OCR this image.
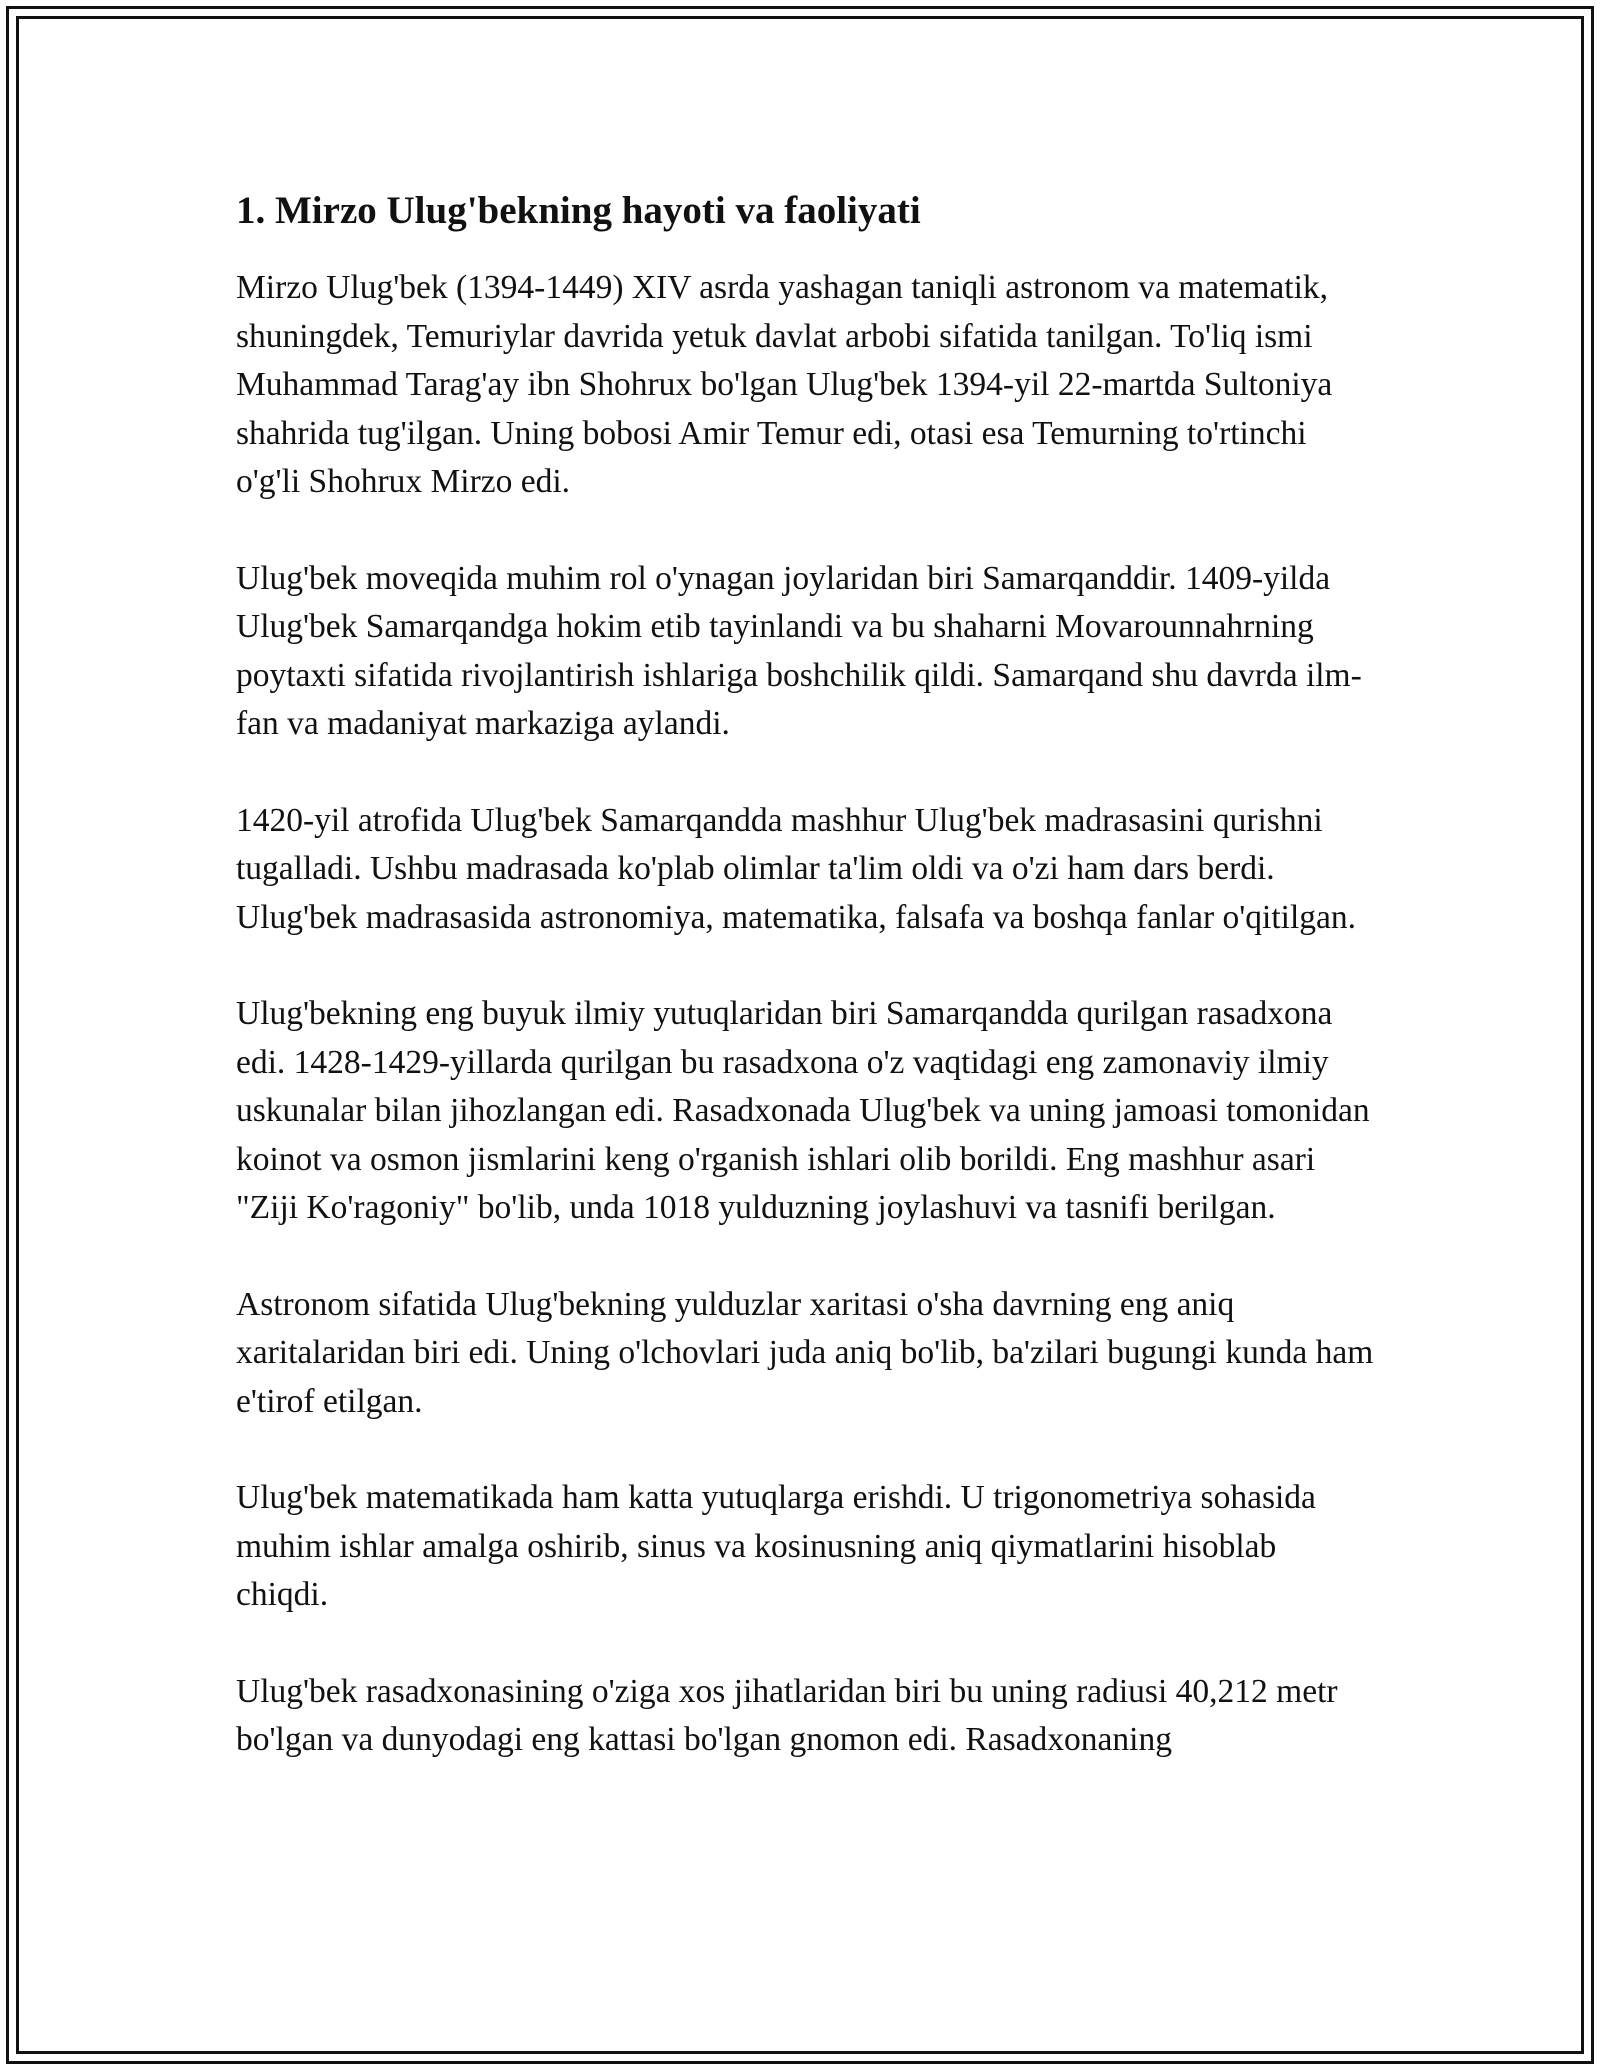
1. Mirzo Ulug'bekning hayoti va faoliyati

Mirzo Ulug'bek (1394-1449) XIV asrda yashagan taniqli astronom va matematik, shuningdek, Temuriylar davrida yetuk davlat arbobi sifatida tanilgan. To'liq ismi Muhammad Tarag'ay ibn Shohrux bo'lgan Ulug'bek 1394-yil 22-martda Sultoniya shahrida tug'ilgan. Uning bobosi Amir Temur edi, otasi esa Temurning to'rtinchi o'g'li Shohrux Mirzo edi.

Ulug'bek moveqida muhim rol o'ynagan joylaridan biri Samarqanddir. 1409-yilda Ulug'bek Samarqandga hokim etib tayinlandi va bu shaharni Movarounnahrning poytaxti sifatida rivojlantirish ishlariga boshchilik qildi. Samarqand shu davrda ilm-fan va madaniyat markaziga aylandi.

1420-yil atrofida Ulug'bek Samarqandda mashhur Ulug'bek madrasasini qurishni tugalladi. Ushbu madrasada ko'plab olimlar ta'lim oldi va o'zi ham dars berdi. Ulug'bek madrasasida astronomiya, matematika, falsafa va boshqa fanlar o'qitilgan.

Ulug'bekning eng buyuk ilmiy yutuqlaridan biri Samarqandda qurilgan rasadxona edi. 1428-1429-yillarda qurilgan bu rasadxona o'z vaqtidagi eng zamonaviy ilmiy uskunalar bilan jihozlangan edi. Rasadxonada Ulug'bek va uning jamoasi tomonidan koinot va osmon jismlarini keng o'rganish ishlari olib borildi. Eng mashhur asari "Ziji Ko'ragoniy" bo'lib, unda 1018 yulduzning joylashuvi va tasnifi berilgan.

Astronom sifatida Ulug'bekning yulduzlar xaritasi o'sha davrning eng aniq xaritalaridan biri edi. Uning o'lchovlari juda aniq bo'lib, ba'zilari bugungi kunda ham e'tirof etilgan.

Ulug'bek matematikada ham katta yutuqlarga erishdi. U trigonometriya sohasida muhim ishlar amalga oshirib, sinus va kosinusning aniq qiymatlarini hisoblab chiqdi.

Ulug'bek rasadxonasining o'ziga xos jihatlaridan biri bu uning radiusi 40,212 metr bo'lgan va dunyodagi eng kattasi bo'lgan gnomon edi. Rasadxonaning
